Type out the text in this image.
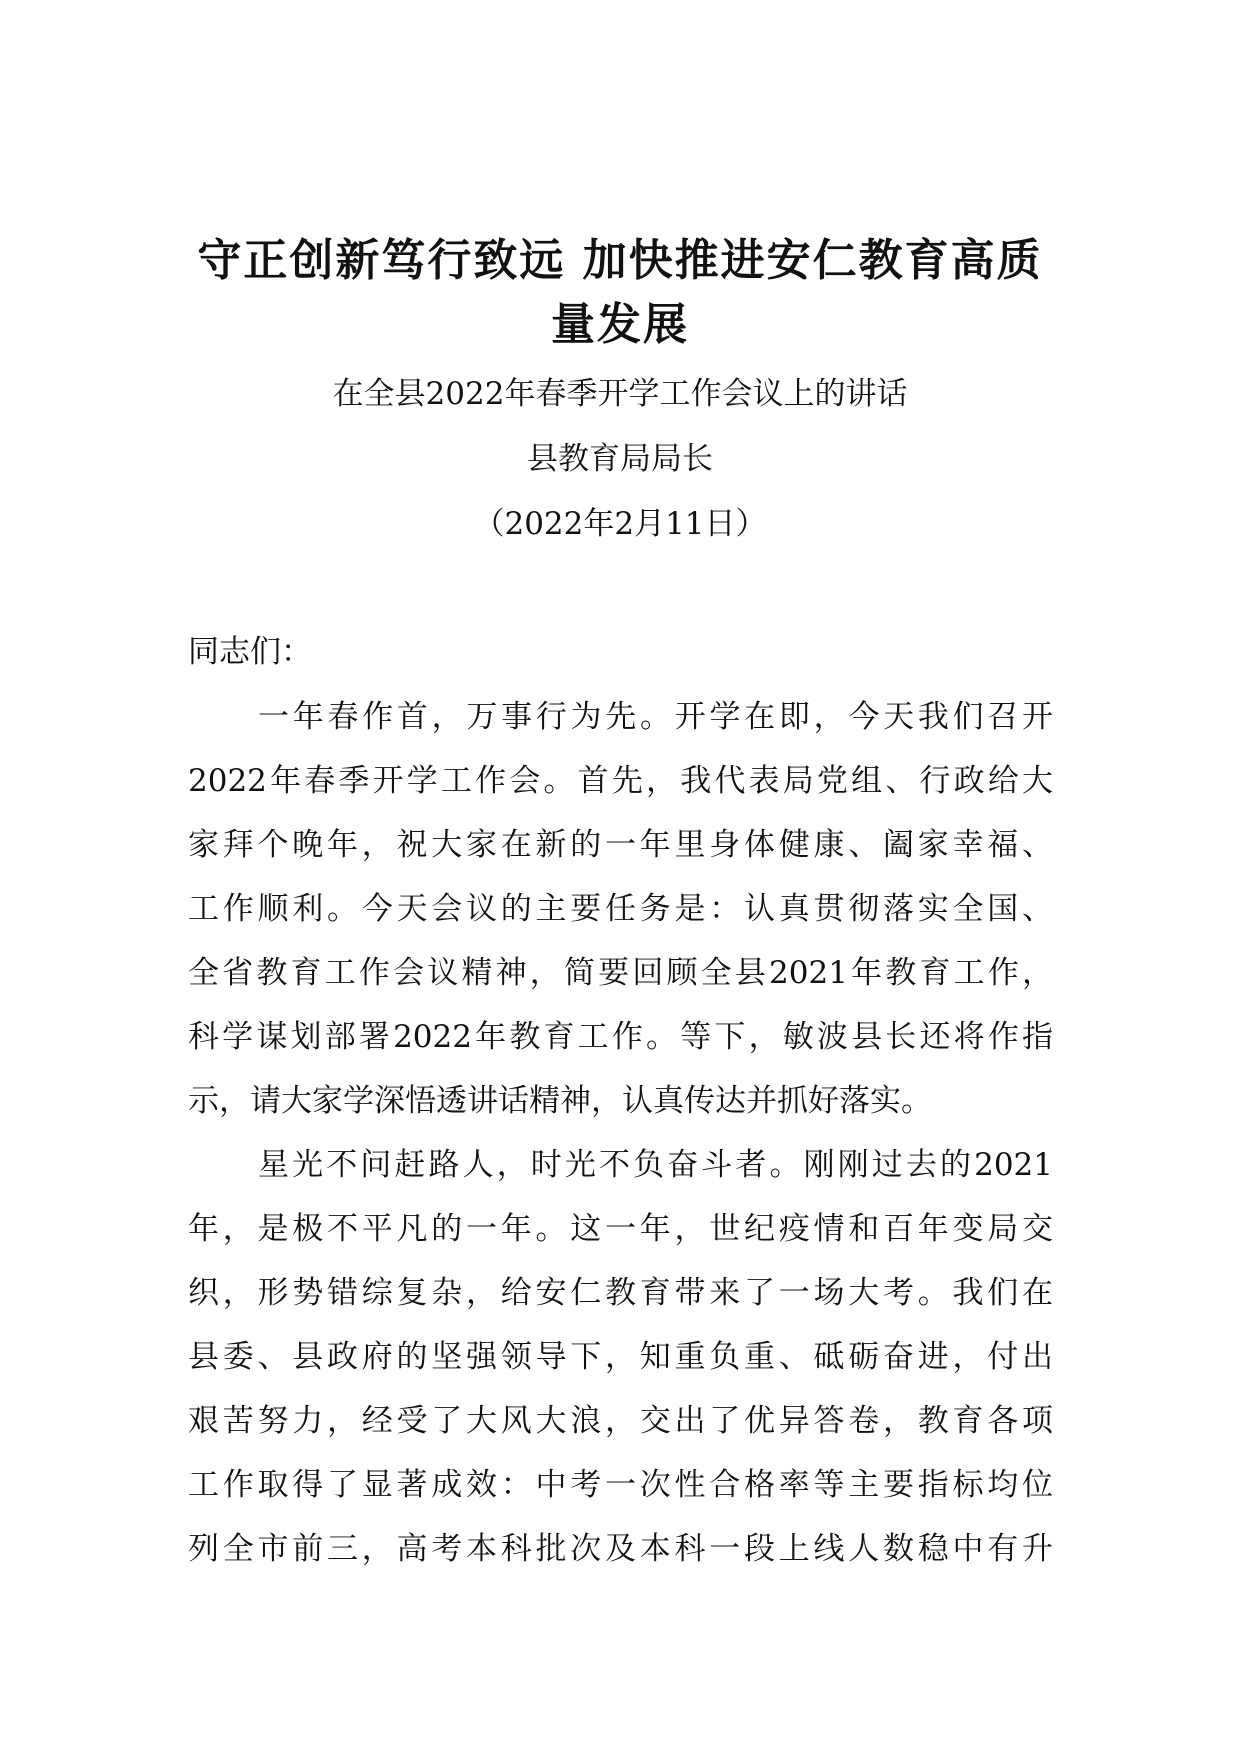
守正创新笃行致远 加快推进安仁教育高质
量发展
在全县2022年春季开学工作会议上的讲话
县教育局局长
（2022年2月11日）
同志们：
一年春作首，万事行为先。开学在即，今天我们召开
2022年春季开学工作会。首先，我代表局党组、行政给大
家拜个晚年，祝大家在新的一年里身体健康、阖家幸福、
工作顺利。今天会议的主要任务是：认真贯彻落实全国、
全省教育工作会议精神，简要回顾全县2021年教育工作，
科学谋划部署2022年教育工作。等下，敏波县长还将作指
示，请大家学深悟透讲话精神，认真传达并抓好落实。
星光不问赶路人，时光不负奋斗者。刚刚过去的2021
年，是极不平凡的一年。这一年，世纪疫情和百年变局交
织，形势错综复杂，给安仁教育带来了一场大考。我们在
县委、县政府的坚强领导下，知重负重、砥砺奋进，付出
艰苦努力，经受了大风大浪，交出了优异答卷，教育各项
工作取得了显著成效：中考一次性合格率等主要指标均位
列全市前三，高考本科批次及本科一段上线人数稳中有升
